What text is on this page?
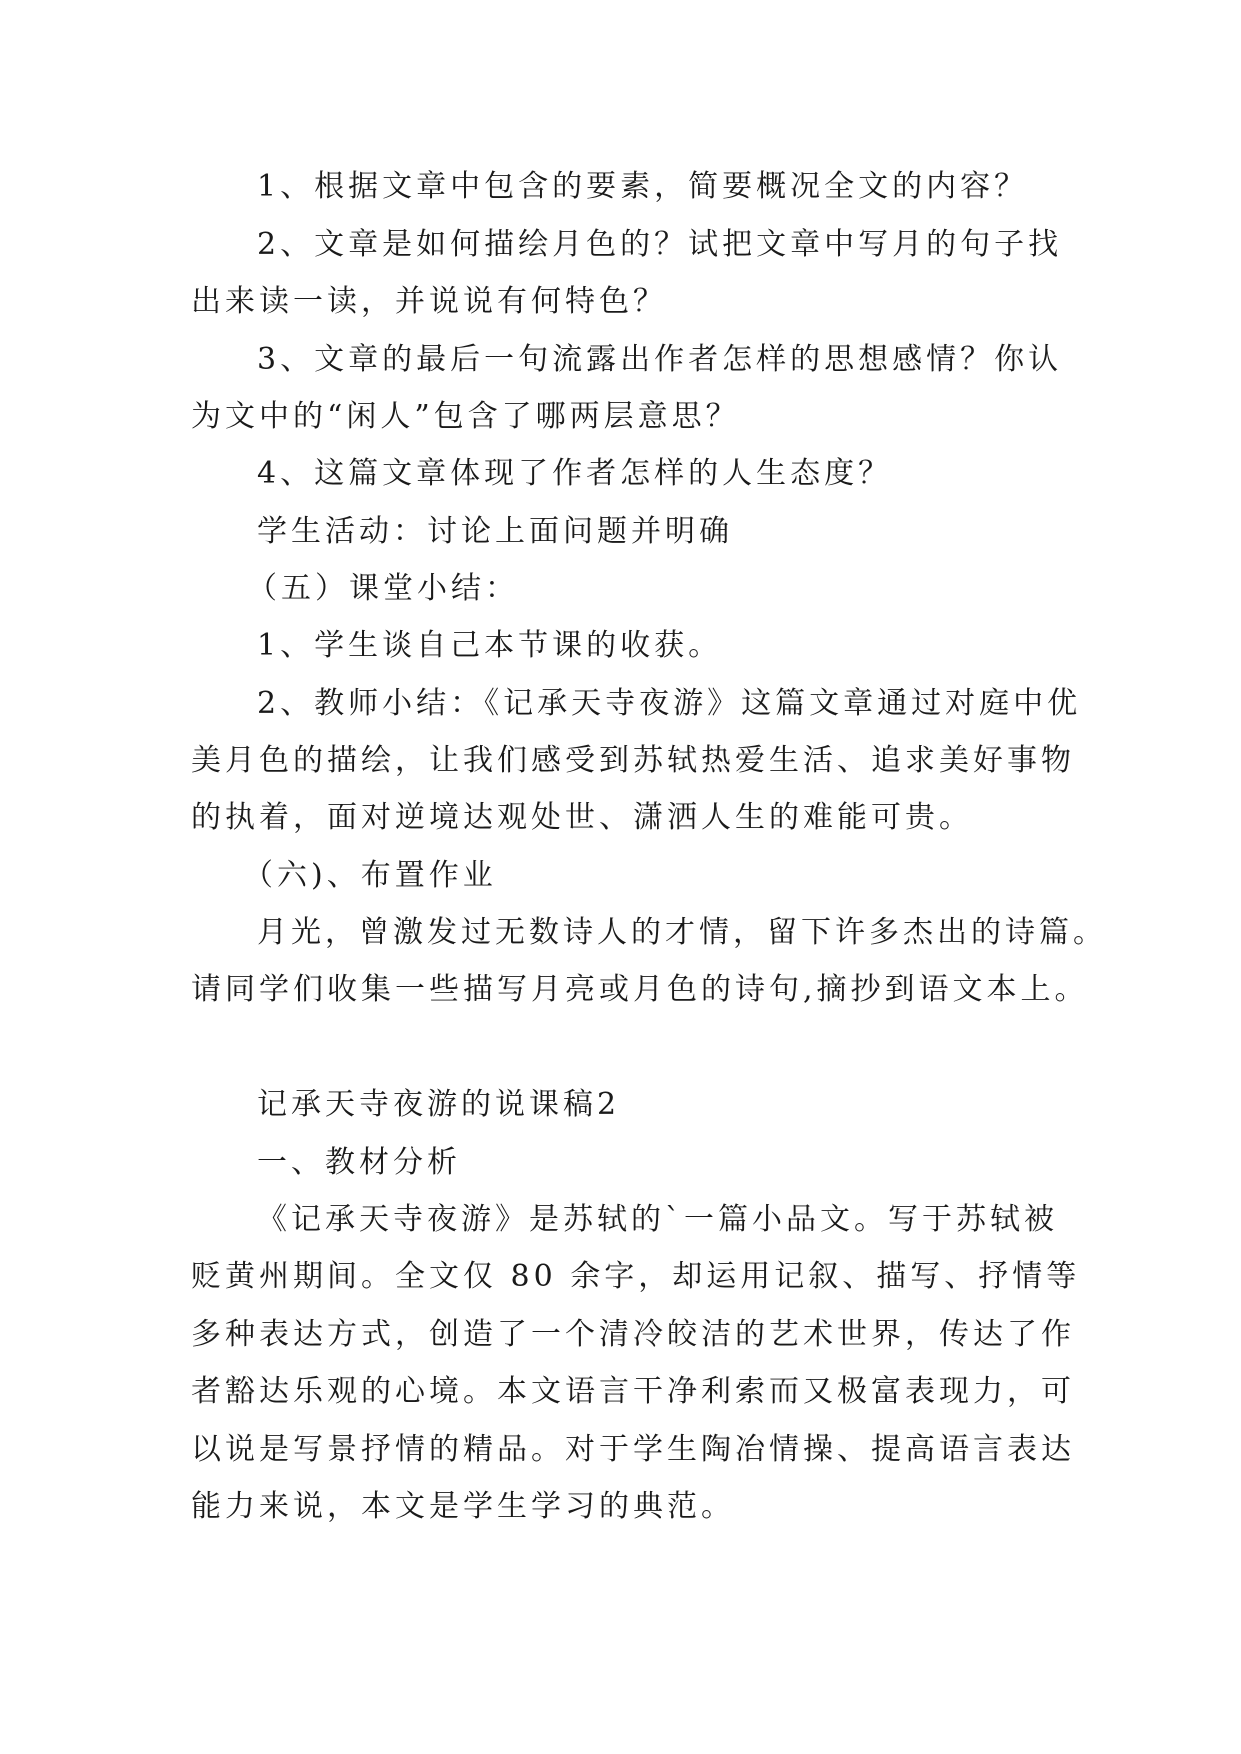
1、根据文章中包含的要素，简要概况全文的内容？
2、文章是如何描绘月色的？试把文章中写月的句子找
出来读一读，并说说有何特色？
3、文章的最后一句流露出作者怎样的思想感情？你认
为文中的“闲人”包含了哪两层意思？
4、这篇文章体现了作者怎样的人生态度？
学生活动：讨论上面问题并明确
（五）课堂小结：
1、学生谈自己本节课的收获。
2、教师小结：《记承天寺夜游》这篇文章通过对庭中优
美月色的描绘，让我们感受到苏轼热爱生活、追求美好事物
的执着，面对逆境达观处世、潇洒人生的难能可贵。
（六)、布置作业
月光，曾激发过无数诗人的才情，留下许多杰出的诗篇。
请同学们收集一些描写月亮或月色的诗句,摘抄到语文本上。
记承天寺夜游的说课稿2
一、教材分析
《记承天寺夜游》是苏轼的`一篇小品文。写于苏轼被
贬黄州期间。全文仅 80 余字，却运用记叙、描写、抒情等
多种表达方式，创造了一个清冷皎洁的艺术世界，传达了作
者豁达乐观的心境。本文语言干净利索而又极富表现力，可
以说是写景抒情的精品。对于学生陶冶情操、提高语言表达
能力来说，本文是学生学习的典范。
